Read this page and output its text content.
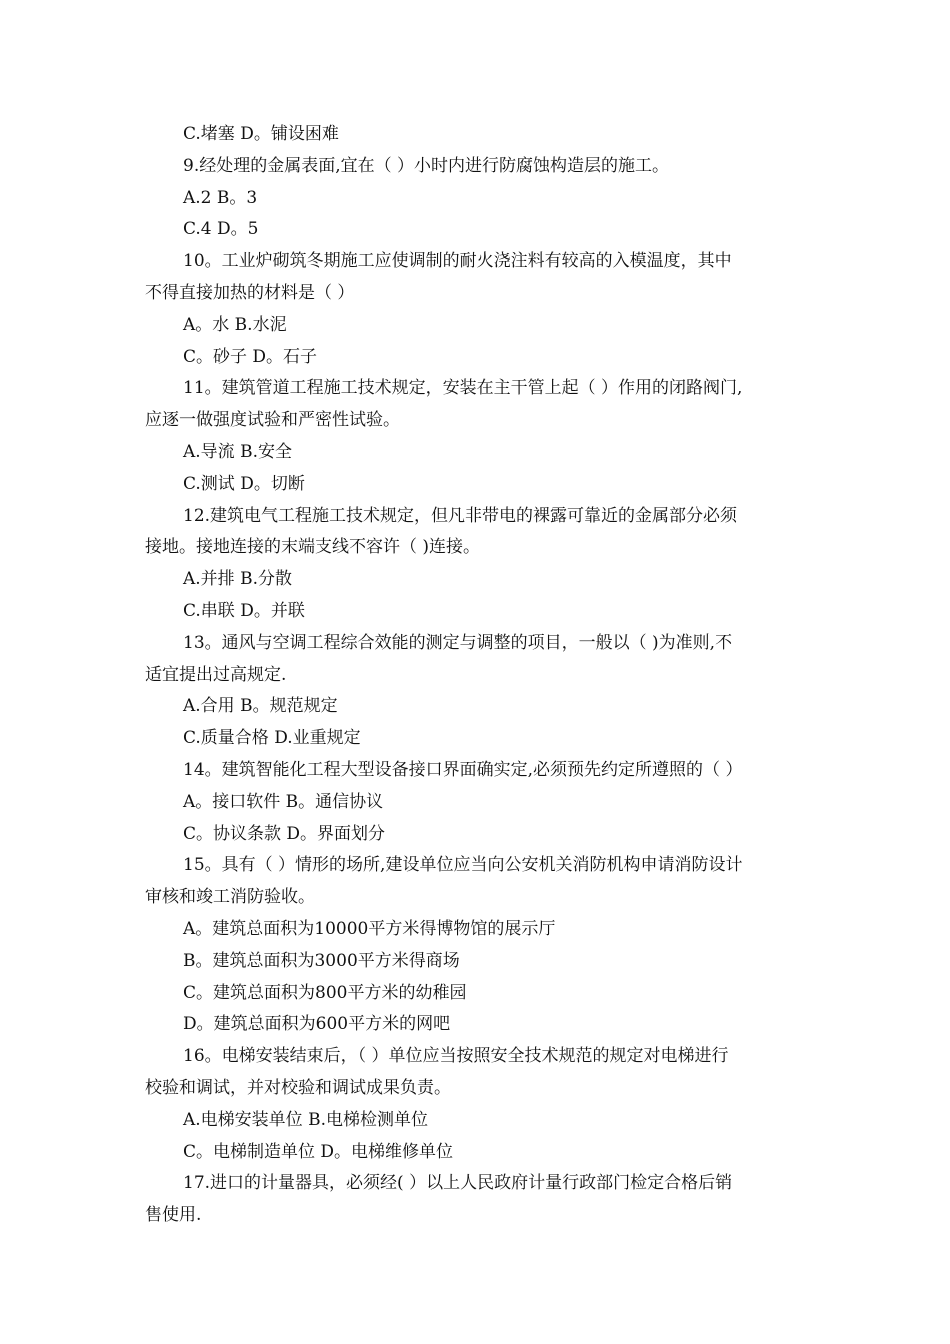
C.堵塞 D。铺设困难
9.经处理的金属表面,宜在（ ）小时内进行防腐蚀构造层的施工。
A.2 B。3
C.4 D。5
10。工业炉砌筑冬期施工应使调制的耐火浇注料有较高的入模温度，其中
不得直接加热的材料是（ ）
A。水 B.水泥
C。砂子 D。石子
11。建筑管道工程施工技术规定，安装在主干管上起（ ）作用的闭路阀门,
应逐一做强度试验和严密性试验。
A.导流 B.安全
C.测试 D。切断
12.建筑电气工程施工技术规定，但凡非带电的裸露可靠近的金属部分必须
接地。接地连接的末端支线不容许（ )连接。
A.并排 B.分散
C.串联 D。并联
13。通风与空调工程综合效能的测定与调整的项目，一般以（ )为准则,不
适宜提出过高规定.
A.合用 B。规范规定
C.质量合格 D.业重规定
14。建筑智能化工程大型设备接口界面确实定,必须预先约定所遵照的（ ）
A。接口软件 B。通信协议
C。协议条款 D。界面划分
15。具有（ ）情形的场所,建设单位应当向公安机关消防机构申请消防设计
审核和竣工消防验收。
A。建筑总面积为10000平方米得博物馆的展示厅
B。建筑总面积为3000平方米得商场
C。建筑总面积为800平方米的幼稚园
D。建筑总面积为600平方米的网吧
16。电梯安装结束后，（ ）单位应当按照安全技术规范的规定对电梯进行
校验和调试，并对校验和调试成果负责。
A.电梯安装单位 B.电梯检测单位
C。电梯制造单位 D。电梯维修单位
17.进口的计量器具，必须经( ）以上人民政府计量行政部门检定合格后销
售使用.
